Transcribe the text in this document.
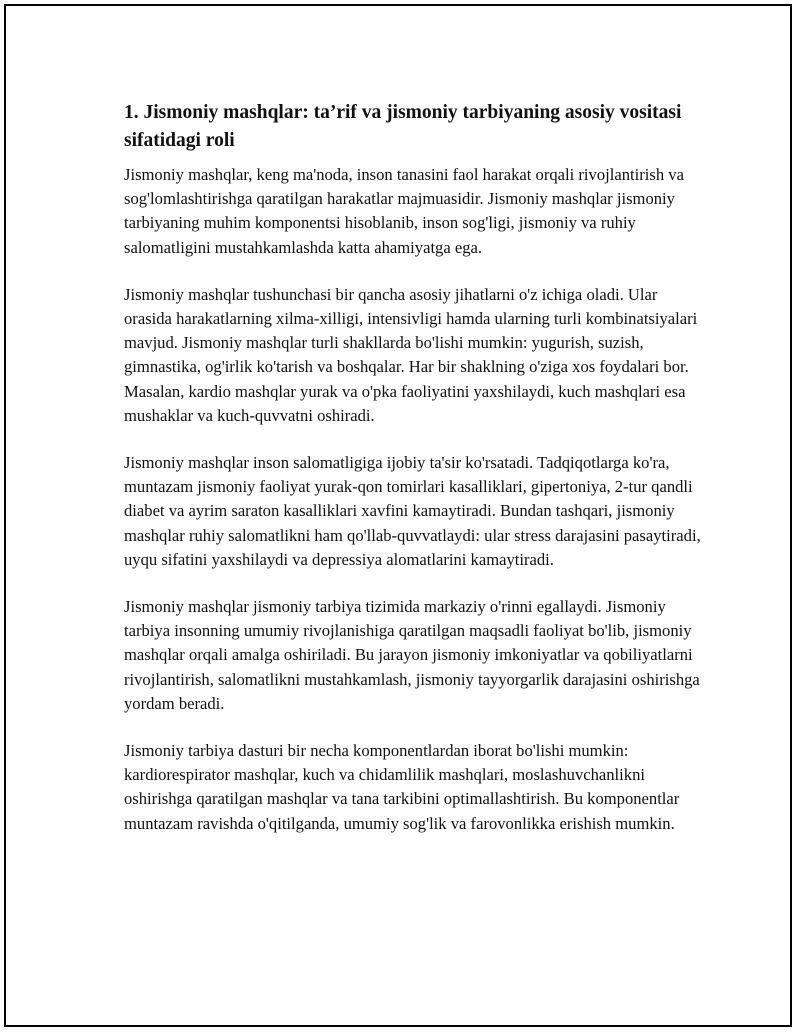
1. Jismoniy mashqlar: ta’rif va jismoniy tarbiyaning asosiy vositasi sifatidagi roli

Jismoniy mashqlar, keng ma'noda, inson tanasini faol harakat orqali rivojlantirish va sog'lomlashtirishga qaratilgan harakatlar majmuasidir. Jismoniy mashqlar jismoniy tarbiyaning muhim komponentsi hisoblanib, inson sog'ligi, jismoniy va ruhiy salomatligini mustahkamlashda katta ahamiyatga ega.

Jismoniy mashqlar tushunchasi bir qancha asosiy jihatlarni o'z ichiga oladi. Ular orasida harakatlarning xilma-xilligi, intensivligi hamda ularning turli kombinatsiyalari mavjud. Jismoniy mashqlar turli shakllarda bo'lishi mumkin: yugurish, suzish, gimnastika, og'irlik ko'tarish va boshqalar. Har bir shaklning o'ziga xos foydalari bor. Masalan, kardio mashqlar yurak va o'pka faoliyatini yaxshilaydi, kuch mashqlari esa mushaklar va kuch-quvvatni oshiradi.

Jismoniy mashqlar inson salomatligiga ijobiy ta'sir ko'rsatadi. Tadqiqotlarga ko'ra, muntazam jismoniy faoliyat yurak-qon tomirlari kasalliklari, gipertoniya, 2-tur qandli diabet va ayrim saraton kasalliklari xavfini kamaytiradi. Bundan tashqari, jismoniy mashqlar ruhiy salomatlikni ham qo'llab-quvvatlaydi: ular stress darajasini pasaytiradi, uyqu sifatini yaxshilaydi va depressiya alomatlarini kamaytiradi.

Jismoniy mashqlar jismoniy tarbiya tizimida markaziy o'rinni egallaydi. Jismoniy tarbiya insonning umumiy rivojlanishiga qaratilgan maqsadli faoliyat bo'lib, jismoniy mashqlar orqali amalga oshiriladi. Bu jarayon jismoniy imkoniyatlar va qobiliyatlarni rivojlantirish, salomatlikni mustahkamlash, jismoniy tayyorgarlik darajasini oshirishga yordam beradi.

Jismoniy tarbiya dasturi bir necha komponentlardan iborat bo'lishi mumkin: kardiorespirator mashqlar, kuch va chidamlilik mashqlari, moslashuvchanlikni oshirishga qaratilgan mashqlar va tana tarkibini optimallashtirish. Bu komponentlar muntazam ravishda o'qitilganda, umumiy sog'lik va farovonlikka erishish mumkin.
